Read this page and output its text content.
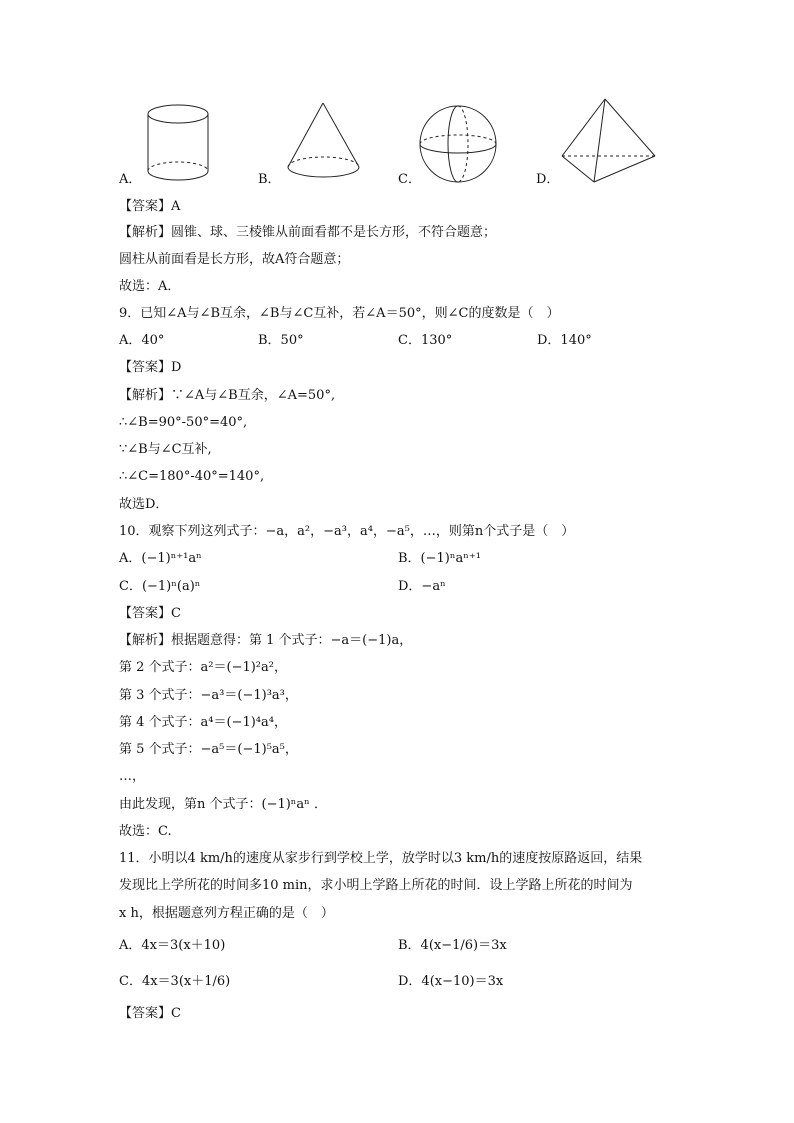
A．	B．	C．	D．
【答案】A
【解析】圆锥、球、三棱锥从前面看都不是长方形，不符合题意；
圆柱从前面看是长方形，故A符合题意；
故选：A．
9．已知∠A与∠B互余，∠B与∠C互补，若∠A＝50°，则∠C的度数是（　）
A．40°	B．50°	C．130°	D．140°
【答案】D
【解析】∵∠A与∠B互余，∠A=50°,
∴∠B=90°-50°=40°,
∵∠B与∠C互补,
∴∠C=180°-40°=140°,
故选D．
10．观察下列这列式子：−a，a²，−a³，a⁴，−a⁵，…，则第n个式子是（　）
A．(−1)ⁿ⁺¹aⁿ	B．(−1)ⁿaⁿ⁺¹
C．(−1)ⁿ(a)ⁿ	D．−aⁿ
【答案】C
【解析】根据题意得：第 1 个式子：−a＝(−1)a，
第 2 个式子：a²＝(−1)²a²，
第 3 个式子：−a³＝(−1)³a³，
第 4 个式子：a⁴＝(−1)⁴a⁴，
第 5 个式子：−a⁵＝(−1)⁵a⁵，
…，
由此发现，第n 个式子：(−1)ⁿaⁿ ．
故选：C.
11．小明以4 km/h的速度从家步行到学校上学，放学时以3 km/h的速度按原路返回，结果
发现比上学所花的时间多10 min，求小明上学路上所花的时间．设上学路上所花的时间为
x h，根据题意列方程正确的是（　）
A．4x＝3(x＋10)	B．4(x−1/6)＝3x
C．4x＝3(x＋1/6)	D．4(x−10)＝3x
【答案】C
